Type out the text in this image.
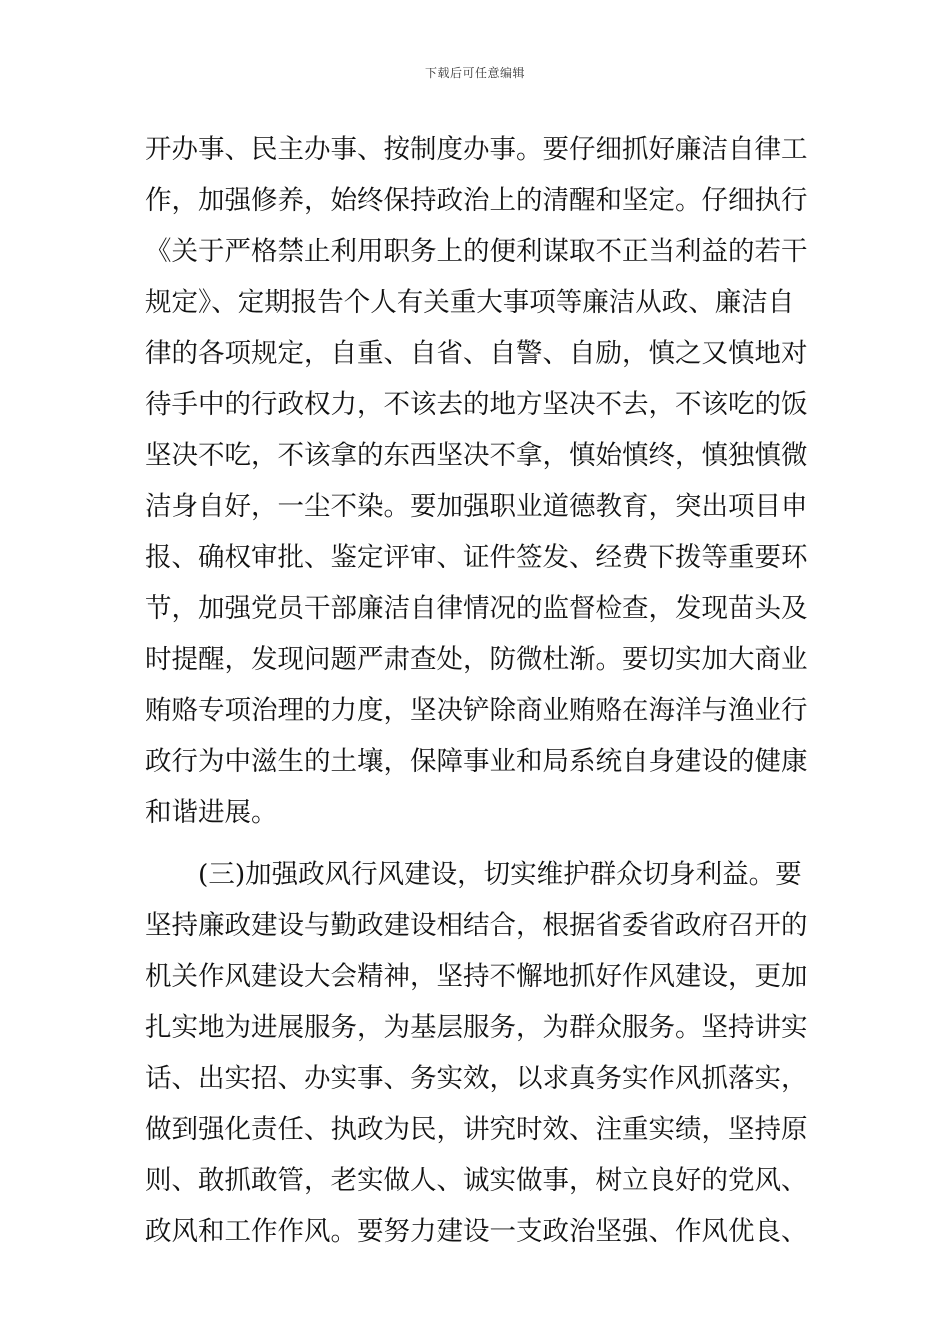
下载后可任意编辑
开办事、民主办事、按制度办事。要仔细抓好廉洁自律工
作，加强修养，始终保持政治上的清醒和坚定。仔细执行
《关于严格禁止利用职务上的便利谋取不正当利益的若干
规定》、定期报告个人有关重大事项等廉洁从政、廉洁自
律的各项规定，自重、自省、自警、自励，慎之又慎地对
待手中的行政权力，不该去的地方坚决不去，不该吃的饭
坚决不吃，不该拿的东西坚决不拿，慎始慎终，慎独慎微
洁身自好，一尘不染。要加强职业道德教育，突出项目申
报、确权审批、鉴定评审、证件签发、经费下拨等重要环
节，加强党员干部廉洁自律情况的监督检查，发现苗头及
时提醒，发现问题严肃查处，防微杜渐。要切实加大商业
贿赂专项治理的力度，坚决铲除商业贿赂在海洋与渔业行
政行为中滋生的土壤，保障事业和局系统自身建设的健康
和谐进展。
(三)加强政风行风建设，切实维护群众切身利益。要
坚持廉政建设与勤政建设相结合，根据省委省政府召开的
机关作风建设大会精神，坚持不懈地抓好作风建设，更加
扎实地为进展服务，为基层服务，为群众服务。坚持讲实
话、出实招、办实事、务实效，以求真务实作风抓落实，
做到强化责任、执政为民，讲究时效、注重实绩，坚持原
则、敢抓敢管，老实做人、诚实做事，树立良好的党风、
政风和工作作风。要努力建设一支政治坚强、作风优良、
